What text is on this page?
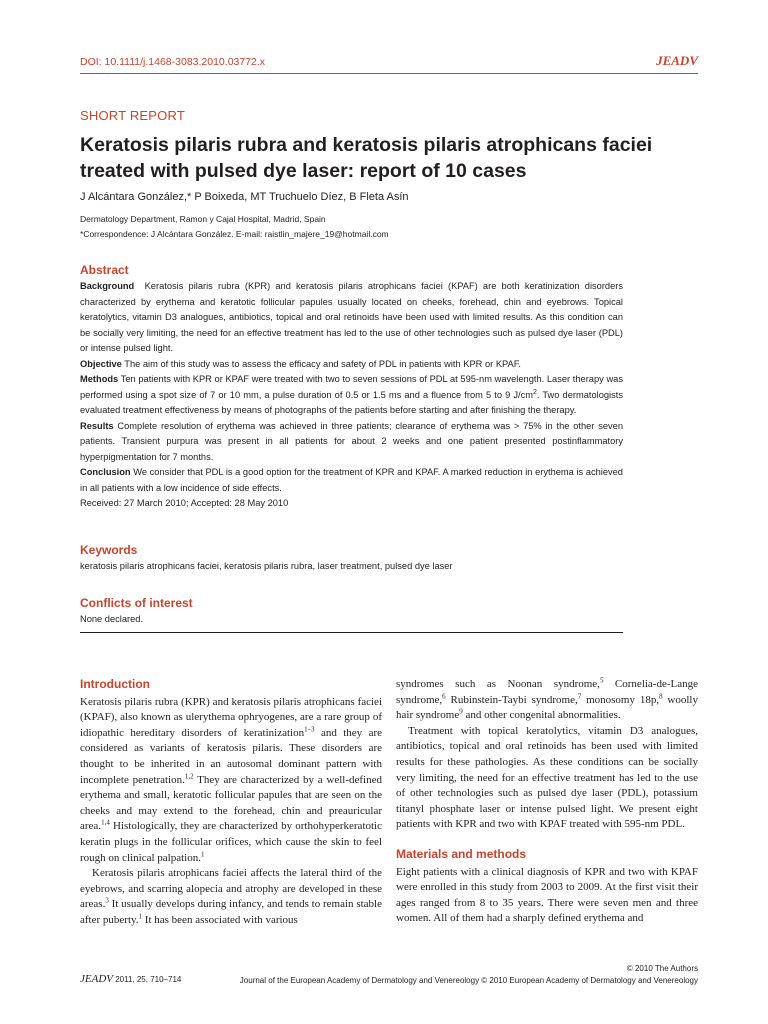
DOI: 10.1111/j.1468-3083.2010.03772.x	JEADV
SHORT REPORT
Keratosis pilaris rubra and keratosis pilaris atrophicans faciei treated with pulsed dye laser: report of 10 cases
J Alcántara González,* P Boixeda, MT Truchuelo Díez, B Fleta Asín
Dermatology Department, Ramon y Cajal Hospital, Madrid, Spain
*Correspondence: J Alcántara González. E-mail: raistlin_majere_19@hotmail.com
Abstract

Background Keratosis pilaris rubra (KPR) and keratosis pilaris atrophicans faciei (KPAF) are both keratinization disorders characterized by erythema and keratotic follicular papules usually located on cheeks, forehead, chin and eyebrows. Topical keratolytics, vitamin D3 analogues, antibiotics, topical and oral retinoids have been used with limited results. As this condition can be socially very limiting, the need for an effective treatment has led to the use of other technologies such as pulsed dye laser (PDL) or intense pulsed light.

Objective The aim of this study was to assess the efficacy and safety of PDL in patients with KPR or KPAF.

Methods Ten patients with KPR or KPAF were treated with two to seven sessions of PDL at 595-nm wavelength. Laser therapy was performed using a spot size of 7 or 10 mm, a pulse duration of 0.5 or 1.5 ms and a fluence from 5 to 9 $J/cm^2$. Two dermatologists evaluated treatment effectiveness by means of photographs of the patients before starting and after finishing the therapy.

Results Complete resolution of erythema was achieved in three patients; clearance of erythema was > 75% in the other seven patients. Transient purpura was present in all patients for about 2 weeks and one patient presented postinflammatory hyperpigmentation for 7 months.

Conclusion We consider that PDL is a good option for the treatment of KPR and KPAF. A marked reduction in erythema is achieved in all patients with a low incidence of side effects.

Received: 27 March 2010; Accepted: 28 May 2010

Keywords

keratosis pilaris atrophicans faciei, keratosis pilaris rubra, laser treatment, pulsed dye laser

Conflicts of interest

None declared.

Introduction

Keratosis pilaris rubra (KPR) and keratosis pilaris atrophicans faciei (KPAF), also known as ulerythema ophryogenes, are a rare group of idiopathic hereditary disorders of keratinization$^{1-3}$ and they are considered as variants of keratosis pilaris. These disorders are thought to be inherited in an autosomal dominant pattern with incomplete penetration.$^{1,2}$ They are characterized by a well-defined erythema and small, keratotic follicular papules that are seen on the cheeks and may extend to the forehead, chin and preauricular area.$^{1,4}$ Histologically, they are characterized by orthohyperkeratotic keratin plugs in the follicular orifices, which cause the skin to feel rough on clinical palpation.$^1$

Keratosis pilaris atrophicans faciei affects the lateral third of the eyebrows, and scarring alopecia and atrophy are developed in these areas.$^3$ It usually develops during infancy, and tends to remain stable after puberty.$^1$ It has been associated with various

syndromes such as Noonan syndrome,$^5$ Cornelia-de-Lange syndrome,$^6$ Rubinstein-Taybi syndrome,$^7$ monosomy 18p,$^8$ woolly hair syndrome$^9$ and other congenital abnormalities.

Treatment with topical keratolytics, vitamin D3 analogues, antibiotics, topical and oral retinoids has been used with limited results for these pathologies. As these conditions can be socially very limiting, the need for an effective treatment has led to the use of other technologies such as pulsed dye laser (PDL), potassium titanyl phosphate laser or intense pulsed light. We present eight patients with KPR and two with KPAF treated with 595-nm PDL.

Materials and methods

Eight patients with a clinical diagnosis of KPR and two with KPAF were enrolled in this study from 2003 to 2009. At the first visit their ages ranged from 8 to 35 years. There were seven men and three women. All of them had a sharply defined erythema and

© 2010 The Authors
JEADV 2011, 25, 710–714	Journal of the European Academy of Dermatology and Venereology © 2010 European Academy of Dermatology and Venereology
